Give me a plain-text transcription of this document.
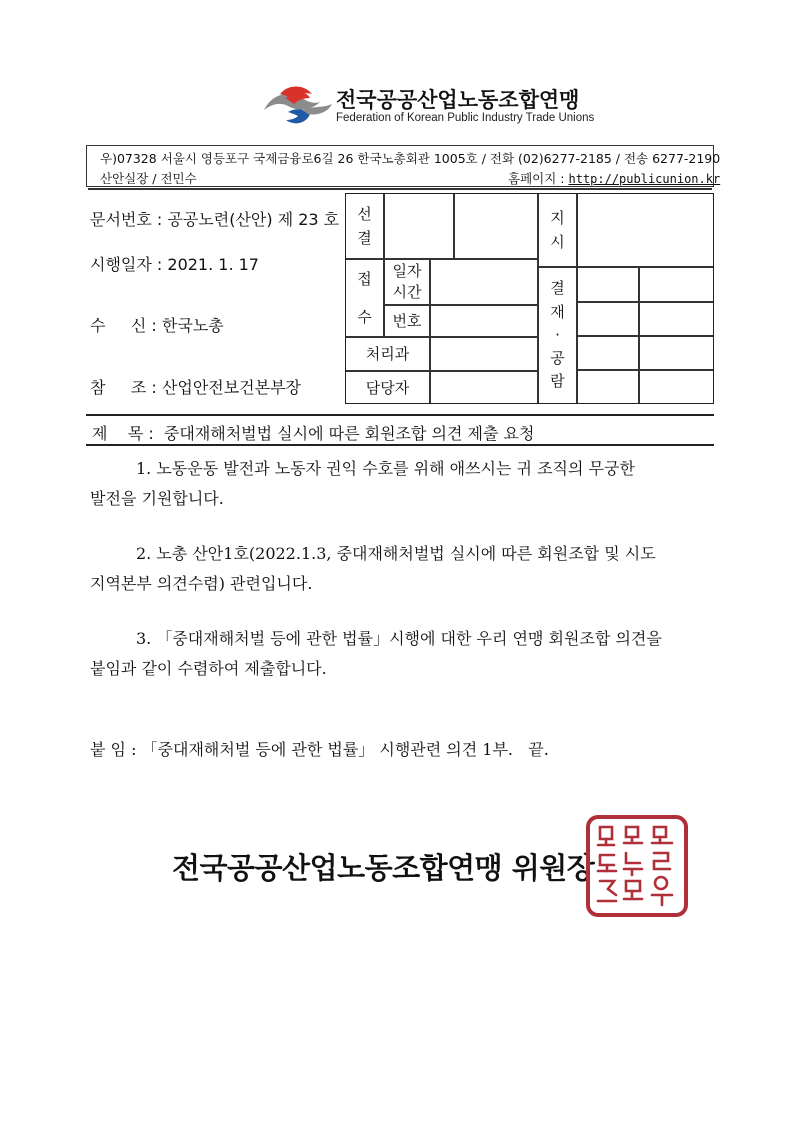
전국공공산업노동조합연맹
Federation of Korean Public Industry Trade Unions
우)07328 서울시 영등포구 국제금융로6길 26 한국노총회관 1005호 / 전화 (02)6277-2185 / 전송 6277-2190
산안실장 / 전민수	홈페이지 : http://publicunion.kr
문서번호 : 공공노련(산안) 제 23 호
시행일자 : 2021. 1. 17
수     신 : 한국노총
참     조 : 산업안전보건본부장
선
결
접
수
일자
시간
번호
처리과
담당자
지
시
결
재
·
공
람
제    목 :  중대재해처벌법 실시에 따른 회원조합 의견 제출 요청
1. 노동운동 발전과 노동자 권익 수호를 위해 애쓰시는 귀 조직의 무궁한
발전을 기원합니다.
2. 노총 산안1호(2022.1.3, 중대재해처벌법 실시에 따른 회원조합 및 시도
지역본부 의견수렴) 관련입니다.
3. 「중대재해처벌 등에 관한 법률」시행에 대한 우리 연맹 회원조합 의견을
붙임과 같이 수렴하여 제출합니다.
붙 임 : 「중대재해처벌 등에 관한 법률」 시행관련 의견 1부.   끝.
전국공공산업노동조합연맹 위원장
